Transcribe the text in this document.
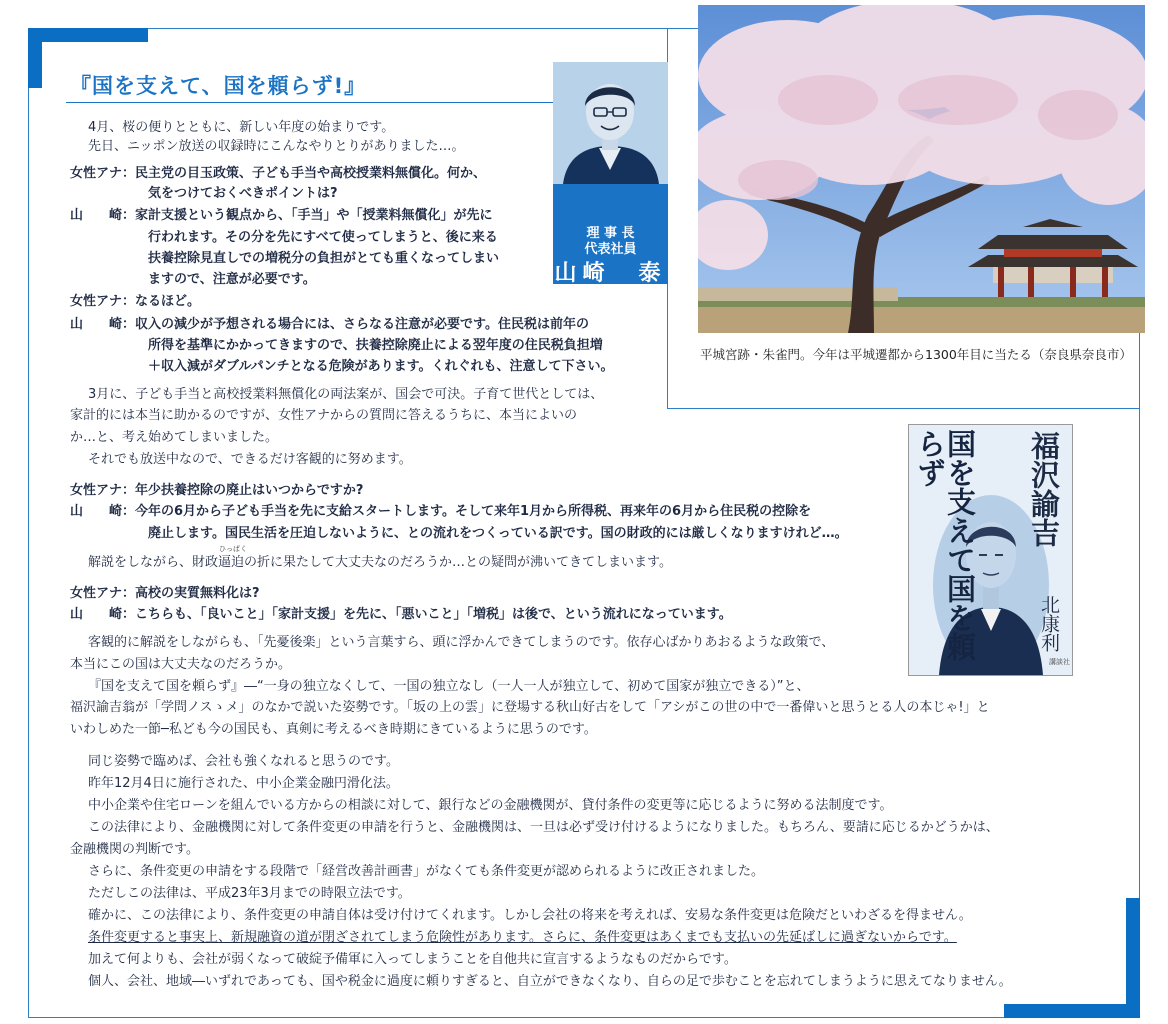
『国を支えて、国を頼らず!』
理 事 長
代表社員
山崎　泰
平城宮跡・朱雀門。今年は平城遷都から1300年目に当たる（奈良県奈良市）
福沢諭吉
国を支えて国を頼らず
北康利
講談社
4月、桜の便りとともに、新しい年度の始まりです。
先日、ニッポン放送の収録時にこんなやりとりがありました…。
女性アナ：民主党の目玉政策、子ども手当や高校授業料無償化。何か、
気をつけておくべきポイントは?
山　　崎：家計支援という観点から、「手当」や「授業料無償化」が先に
行われます。その分を先にすべて使ってしまうと、後に来る
扶養控除見直しでの増税分の負担がとても重くなってしまい
ますので、注意が必要です。
女性アナ：なるほど。
山　　崎：収入の減少が予想される場合には、さらなる注意が必要です。住民税は前年の
所得を基準にかかってきますので、扶養控除廃止による翌年度の住民税負担増
＋収入減がダブルパンチとなる危険があります。くれぐれも、注意して下さい。
3月に、子ども手当と高校授業料無償化の両法案が、国会で可決。子育て世代としては、
家計的には本当に助かるのですが、女性アナからの質問に答えるうちに、本当によいの
か…と、考え始めてしまいました。
それでも放送中なので、できるだけ客観的に努めます。
女性アナ：年少扶養控除の廃止はいつからですか?
山　　崎：今年の6月から子ども手当を先に支給スタートします。そして来年1月から所得税、再来年の6月から住民税の控除を
廃止します。国民生活を圧迫しないように、との流れをつくっている訳です。国の財政的には厳しくなりますけれど…。
ひっぱく
解説をしながら、財政逼迫の折に果たして大丈夫なのだろうか…との疑問が沸いてきてしまいます。
女性アナ：高校の実質無料化は?
山　　崎：こちらも、「良いこと」「家計支援」を先に、「悪いこと」「増税」は後で、という流れになっています。
客観的に解説をしながらも、「先憂後楽」という言葉すら、頭に浮かんできてしまうのです。依存心ばかりあおるような政策で、
本当にこの国は大丈夫なのだろうか。
『国を支えて国を頼らず』―“一身の独立なくして、一国の独立なし（一人一人が独立して、初めて国家が独立できる）”と、
福沢諭吉翁が「学問ノスゝメ」のなかで説いた姿勢です。「坂の上の雲」に登場する秋山好古をして「アシがこの世の中で一番偉いと思うとる人の本じゃ!」と
いわしめた一節─私ども今の国民も、真剣に考えるべき時期にきているように思うのです。
同じ姿勢で臨めば、会社も強くなれると思うのです。
昨年12月4日に施行された、中小企業金融円滑化法。
中小企業や住宅ローンを組んでいる方からの相談に対して、銀行などの金融機関が、貸付条件の変更等に応じるように努める法制度です。
この法律により、金融機関に対して条件変更の申請を行うと、金融機関は、一旦は必ず受け付けるようになりました。もちろん、要請に応じるかどうかは、
金融機関の判断です。
さらに、条件変更の申請をする段階で「経営改善計画書」がなくても条件変更が認められるように改正されました。
ただしこの法律は、平成23年3月までの時限立法です。
確かに、この法律により、条件変更の申請自体は受け付けてくれます。しかし会社の将来を考えれば、安易な条件変更は危険だといわざるを得ません。
条件変更すると事実上、新規融資の道が閉ざされてしまう危険性があります。さらに、条件変更はあくまでも支払いの先延ばしに過ぎないからです。
加えて何よりも、会社が弱くなって破綻予備軍に入ってしまうことを自他共に宣言するようなものだからです。
個人、会社、地域―いずれであっても、国や税金に過度に頼りすぎると、自立ができなくなり、自らの足で歩むことを忘れてしまうように思えてなりません。
